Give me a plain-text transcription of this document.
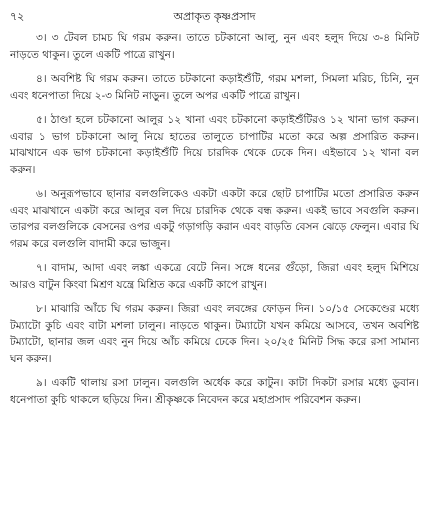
৭২	অপ্রাকৃত কৃষ্ণপ্রসাদ

৩। ৩ টেবল চামচ ঘি গরম করুন। তাতে চটকানো আলু, নুন এবং হলুদ দিয়ে ৩-৪ মিনিট নাড়তে থাকুন। তুলে একটি পাত্রে রাখুন।

৪। অবশিষ্ট ঘি গরম করুন। তাতে চটকানো কড়াইশুঁটি, গরম মশলা, সিমলা মরিচ, চিনি, নুন এবং ধনেপাতা দিয়ে ২-৩ মিনিট নাড়ুন। তুলে অপর একটি পাত্রে রাখুন।

৫। ঠাণ্ডা হলে চটকানো আলুর ১২ খানা এবং চটকানো কড়াইশুঁটিরও ১২ খানা ভাগ করুন। এবার ১ ভাগ চটকানো আলু নিয়ে হাতের তালুতে চাপাটির মতো করে অল্প প্রসারিত করুন। মাঝখানে এক ভাগ চটকানো কড়াইশুঁটি দিয়ে চারদিক থেকে ঢেকে দিন। এইভাবে ১২ খানা বল করুন।

৬। অনুরূপভাবে ছানার বলগুলিকেও একটা একটা করে ছোট চাপাটির মতো প্রসারিত করুন এবং মাঝখানে একটা করে আলুর বল দিয়ে চারদিক থেকে বন্ধ করুন। একই ভাবে সবগুলি করুন। তারপর বলগুলিকে বেসনের ওপর একটু গড়াগড়ি করান এবং বাড়তি বেসন ঝেড়ে ফেলুন। এবার ঘি গরম করে বলগুলি বাদামী করে ভাজুন।

৭। বাদাম, আদা এবং লঙ্কা একত্রে বেটে নিন। সঙ্গে ধনের গুঁড়ো, জিরা এবং হলুদ মিশিয়ে আরও বাটুন কিংবা মিশ্রণ যন্ত্রে মিশ্রিত করে একটি কাপে রাখুন।

৮। মাঝারি আঁচে ঘি গরম করুন। জিরা এবং লবঙ্গের ফোড়ন দিন। ১০/১৫ সেকেণ্ডের মধ্যে টম্যাটো কুচি এবং বাটা মশলা ঢালুন। নাড়তে থাকুন। টম্যাটো যখন কমিয়ে আসবে, তখন অবশিষ্ট টম্যাটো, ছানার জল এবং নুন দিয়ে আঁচ কমিয়ে ঢেকে দিন। ২০/২৫ মিনিট সিদ্ধ করে রসা সামান্য ঘন করুন।

৯। একটি থালায় রসা ঢালুন। বলগুলি অর্ধেক করে কাটুন। কাটা দিকটা রসার মধ্যে ডুবান। ধনেপাতা কুচি থাকলে ছড়িয়ে দিন। শ্রীকৃষ্ণকে নিবেদন করে মহাপ্রসাদ পরিবেশন করুন।
